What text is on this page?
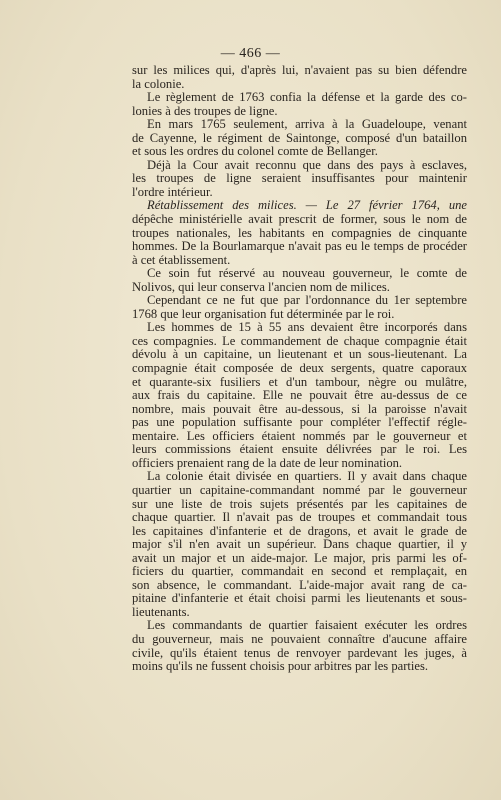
— 466 —
sur les milices qui, d'après lui, n'avaient pas su bien défendre
la colonie.
Le règlement de 1763 confia la défense et la garde des co-
lonies à des troupes de ligne.
En mars 1765 seulement, arriva à la Guadeloupe, venant
de Cayenne, le régiment de Saintonge, composé d'un bataillon
et sous les ordres du colonel comte de Bellanger.
Déjà la Cour avait reconnu que dans des pays à esclaves,
les troupes de ligne seraient insuffisantes pour maintenir
l'ordre intérieur.
Rétablissement des milices. — Le 27 février 1764, une
dépêche ministérielle avait prescrit de former, sous le nom de
troupes nationales, les habitants en compagnies de cinquante
hommes. De la Bourlamarque n'avait pas eu le temps de procéder
à cet établissement.
Ce soin fut réservé au nouveau gouverneur, le comte de
Nolivos, qui leur conserva l'ancien nom de milices.
Cependant ce ne fut que par l'ordonnance du 1er septembre
1768 que leur organisation fut déterminée par le roi.
Les hommes de 15 à 55 ans devaient être incorporés dans
ces compagnies. Le commandement de chaque compagnie était
dévolu à un capitaine, un lieutenant et un sous-lieutenant. La
compagnie était composée de deux sergents, quatre caporaux
et quarante-six fusiliers et d'un tambour, nègre ou mulâtre,
aux frais du capitaine. Elle ne pouvait être au-dessus de ce
nombre, mais pouvait être au-dessous, si la paroisse n'avait
pas une population suffisante pour compléter l'effectif régle-
mentaire. Les officiers étaient nommés par le gouverneur et
leurs commissions étaient ensuite délivrées par le roi. Les
officiers prenaient rang de la date de leur nomination.
La colonie était divisée en quartiers. Il y avait dans chaque
quartier un capitaine-commandant nommé par le gouverneur
sur une liste de trois sujets présentés par les capitaines de
chaque quartier. Il n'avait pas de troupes et commandait tous
les capitaines d'infanterie et de dragons, et avait le grade de
major s'il n'en avait un supérieur. Dans chaque quartier, il y
avait un major et un aide-major. Le major, pris parmi les of-
ficiers du quartier, commandait en second et remplaçait, en
son absence, le commandant. L'aide-major avait rang de ca-
pitaine d'infanterie et était choisi parmi les lieutenants et sous-
lieutenants.
Les commandants de quartier faisaient exécuter les ordres
du gouverneur, mais ne pouvaient connaître d'aucune affaire
civile, qu'ils étaient tenus de renvoyer pardevant les juges, à
moins qu'ils ne fussent choisis pour arbitres par les parties.
